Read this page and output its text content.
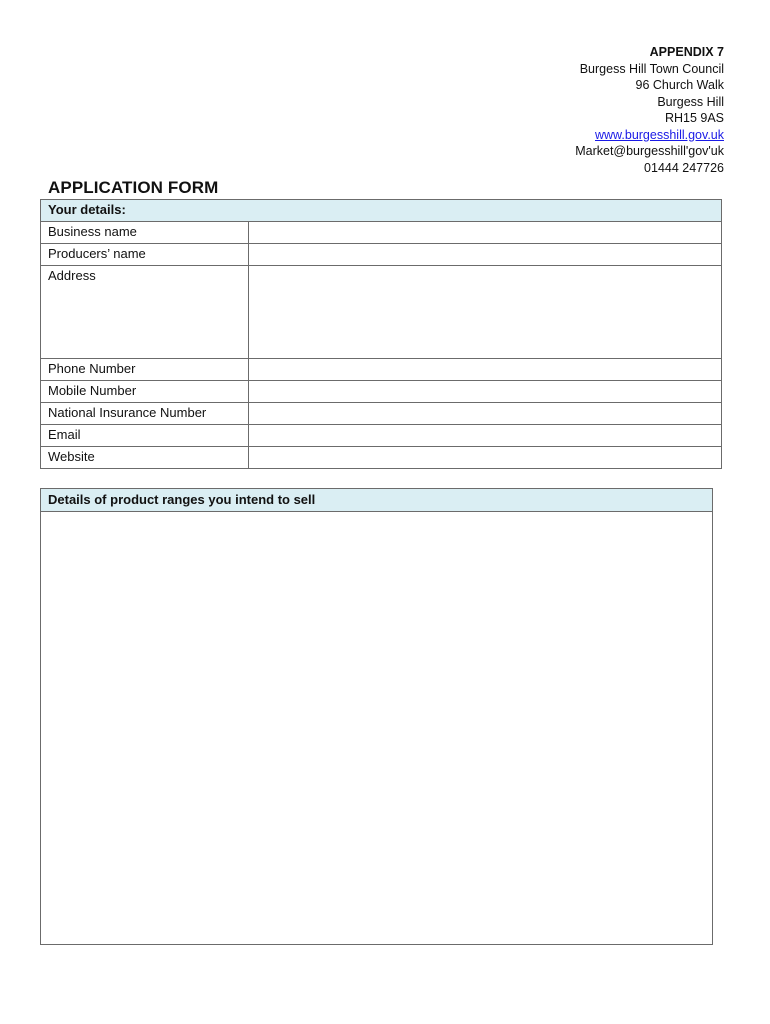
APPENDIX 7
Burgess Hill Town Council
96 Church Walk
Burgess Hill
RH15 9AS
www.burgesshill.gov.uk
Market@burgesshill'gov'uk
01444 247726
APPLICATION FORM
Your details:	
Business name	
Producers’ name	
Address	
Phone Number	
Mobile Number	
National Insurance Number	
Email	
Website	
Details of product ranges you intend to sell
